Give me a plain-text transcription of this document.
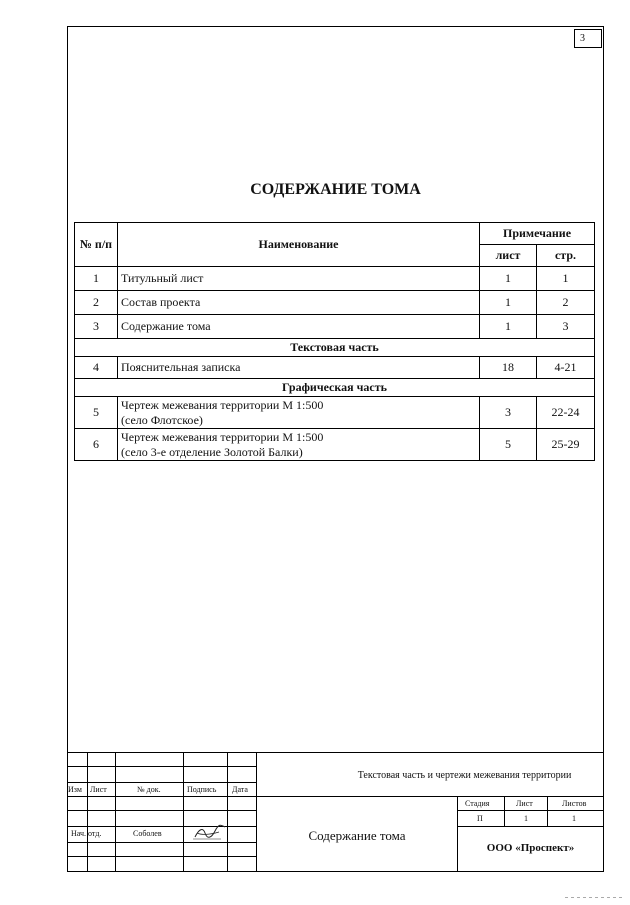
3
СОДЕРЖАНИЕ ТОМА
№ п/п	Наименование	Примечание	
		лист	стр.
1	Титульный лист	1	1
2	Состав проекта	1	2
3	Содержание тома	1	3
Текстовая часть			
4	Пояснительная записка	18	4-21
Графическая часть			
5	Чертеж межевания территории М 1:500
(село Флотское)	3	22-24
6	Чертеж межевания территории М 1:500
(село 3-е отделение Золотой Балки)	5	25-29
Изм Лист	№ док.	Подпись Дата
Нач. отд.	Соболев
Текстовая часть и чертежи межевания территории
Содержание тома
Стадия	Лист	Листов
П	1	1
ООО «Проспект»
